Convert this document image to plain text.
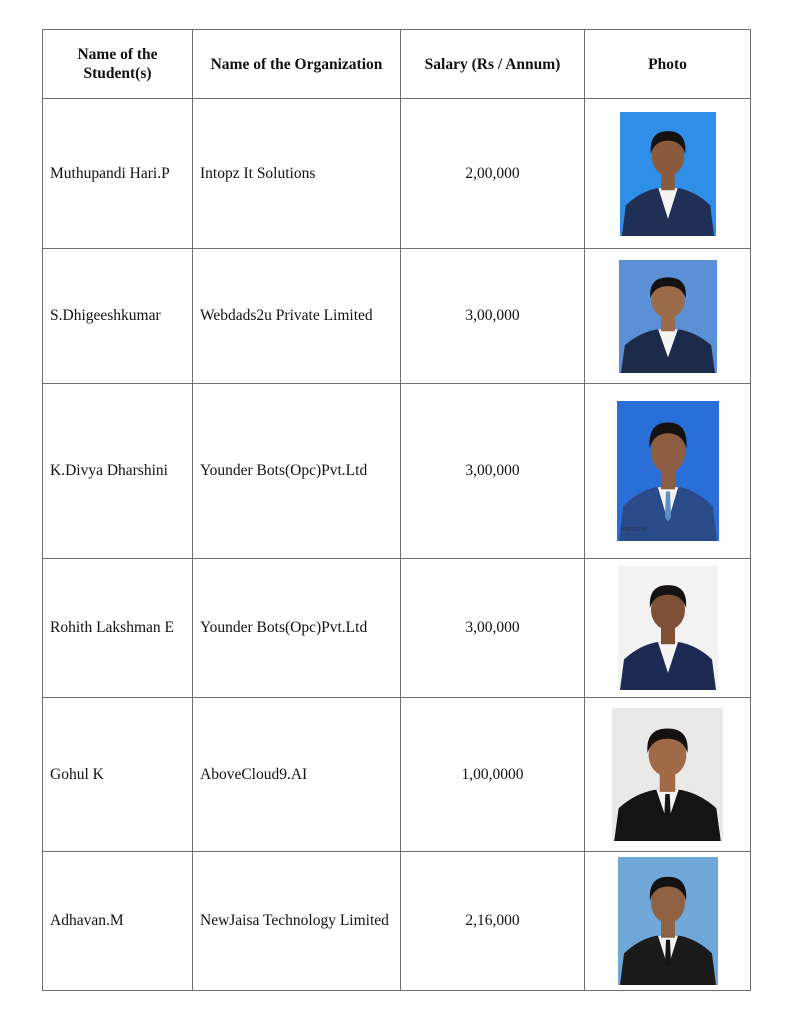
Name of the Student(s)	Name of the Organization	Salary (Rs / Annum)	Photo
Muthupandi Hari.P	Intopz It Solutions	2,00,000	

S.Dhigeeshkumar	Webdads2u Private Limited	3,00,000	

K.Divya Dharshini	Younder Bots(Opc)Pvt.Ltd	3,00,000	HSR 00165

Rohith Lakshman E	Younder Bots(Opc)Pvt.Ltd	3,00,000	

Gohul K	AboveCloud9.AI	1,00,0000	

Adhavan.M	NewJaisa Technology Limited	2,16,000	
